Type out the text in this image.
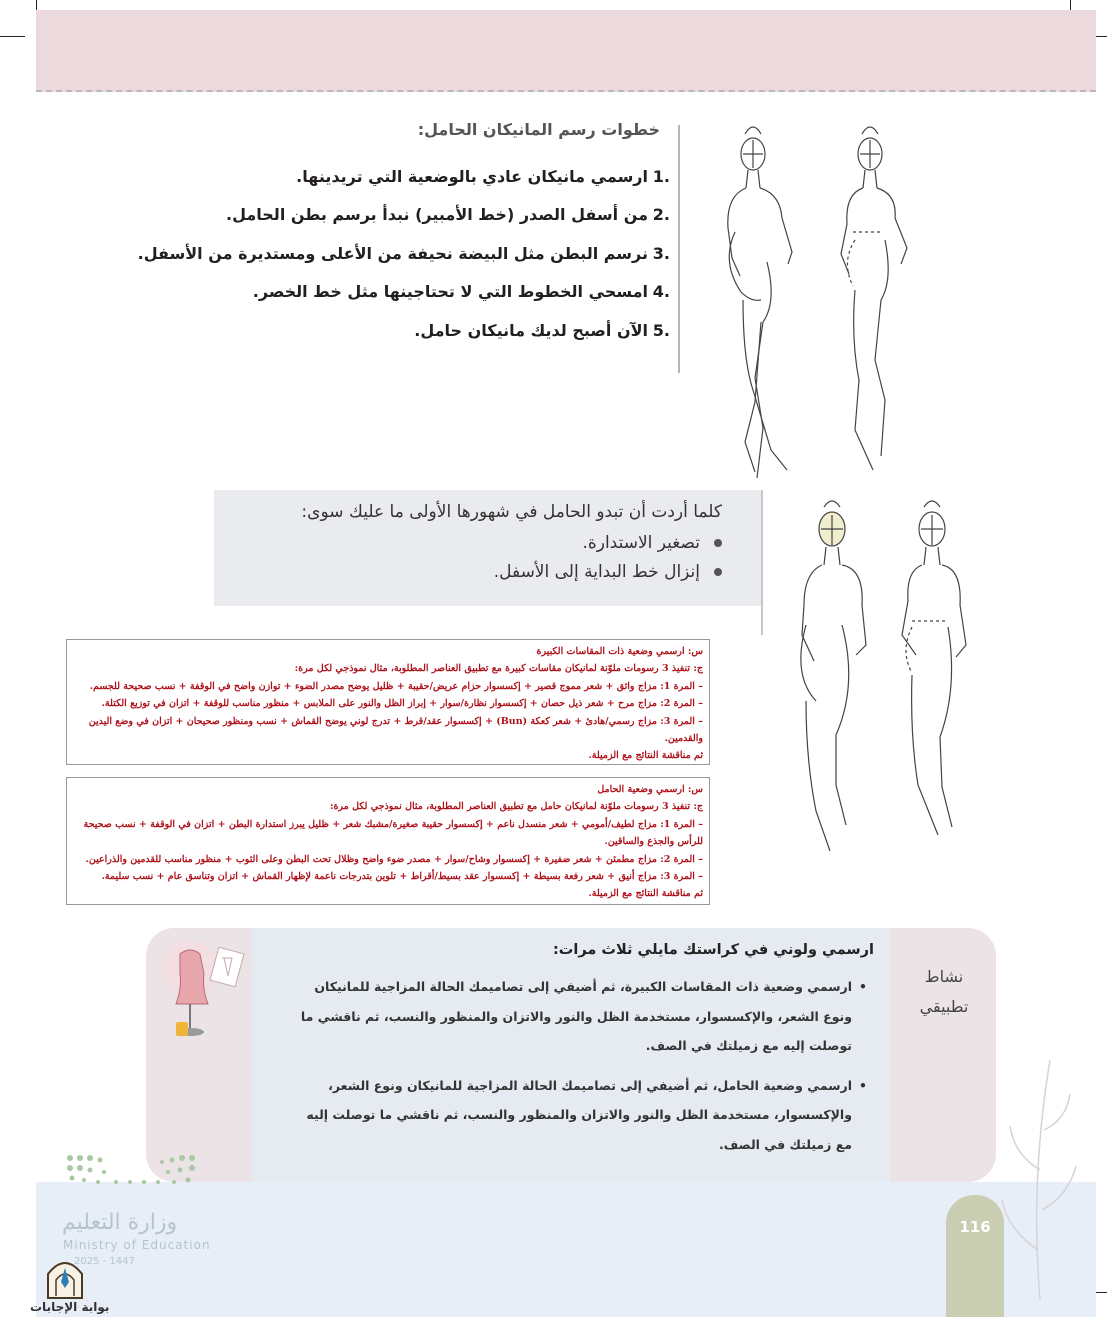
خطوات رسم المانيكان الحامل:
.1
ارسمي مانيكان عادي بالوضعية التي تريدينها.
.2
من أسفل الصدر (خط الأمبير) نبدأ برسم بطن الحامل.
.3
نرسم البطن مثل البيضة نحيفة من الأعلى ومستديرة من الأسفل.
.4
امسحي الخطوط التي لا تحتاجينها مثل خط الخصر.
.5
الآن أصبح لديك مانيكان حامل.
كلما أردت أن تبدو الحامل في شهورها الأولى ما عليك سوى:
تصغير الاستدارة.
إنزال خط البداية إلى الأسفل.

س: ارسمي وضعية ذات المقاسات الكبيرة

ج: تنفيذ 3 رسومات ملوّنة لمانيكان مقاسات كبيرة مع تطبيق العناصر المطلوبة، مثال نموذجي لكل مرة:

– المرة 1: مزاج واثق + شعر مموج قصير + إكسسوار حزام عريض/حقيبة + ظليل يوضح مصدر الضوء + توازن واضح في الوقفة + نسب صحيحة للجسم.

– المرة 2: مزاج مرح + شعر ذيل حصان + إكسسوار نظارة/سوار + إبراز الظل والنور على الملابس + منظور مناسب للوقفة + اتزان في توزيع الكتلة.

– المرة 3: مزاج رسمي/هادئ + شعر كعكة (Bun) + إكسسوار عقد/قرط + تدرج لوني يوضح القماش + نسب ومنظور صحيحان + اتزان في وضع اليدين

والقدمين.

ثم مناقشة النتائج مع الزميلة.

س: ارسمي وضعية الحامل

ج: تنفيذ 3 رسومات ملوّنة لمانيكان حامل مع تطبيق العناصر المطلوبة، مثال نموذجي لكل مرة:

– المرة 1: مزاج لطيف/أمومي + شعر منسدل ناعم + إكسسوار حقيبة صغيرة/مشبك شعر + ظليل يبرز استدارة البطن + اتزان في الوقفة + نسب صحيحة

للرأس والجذع والساقين.

– المرة 2: مزاج مطمئن + شعر ضفيرة + إكسسوار وشاح/سوار + مصدر ضوء واضح وظلال تحت البطن وعلى الثوب + منظور مناسب للقدمين والذراعين.

– المرة 3: مزاج أنيق + شعر رفعة بسيطة + إكسسوار عقد بسيط/أقراط + تلوين بتدرجات ناعمة لإظهار القماش + اتزان وتناسق عام + نسب سليمة.

ثم مناقشة النتائج مع الزميلة.

نشاط
تطبيقي
ارسمي ولوني في كراستك مايلي ثلاث مرات:
•
ارسمي وضعية ذات المقاسات الكبيرة، ثم أضيفي إلى تصاميمك الحالة المزاجية للمانيكان
ونوع الشعر، والإكسسوار، مستخدمة الظل والنور والاتزان والمنظور والنسب، ثم ناقشي ما
توصلت إليه مع زميلتك في الصف.
•
ارسمي وضعية الحامل، ثم أضيفي إلى تصاميمك الحالة المزاجية للمانيكان ونوع الشعر،
والإكسسوار، مستخدمة الظل والنور والاتزان والمنظور والنسب، ثم ناقشي ما توصلت إليه
مع زميلتك في الصف.
وزارة التعليم
Ministry of Education
2025 - 1447
بوابة الإجابات
116
